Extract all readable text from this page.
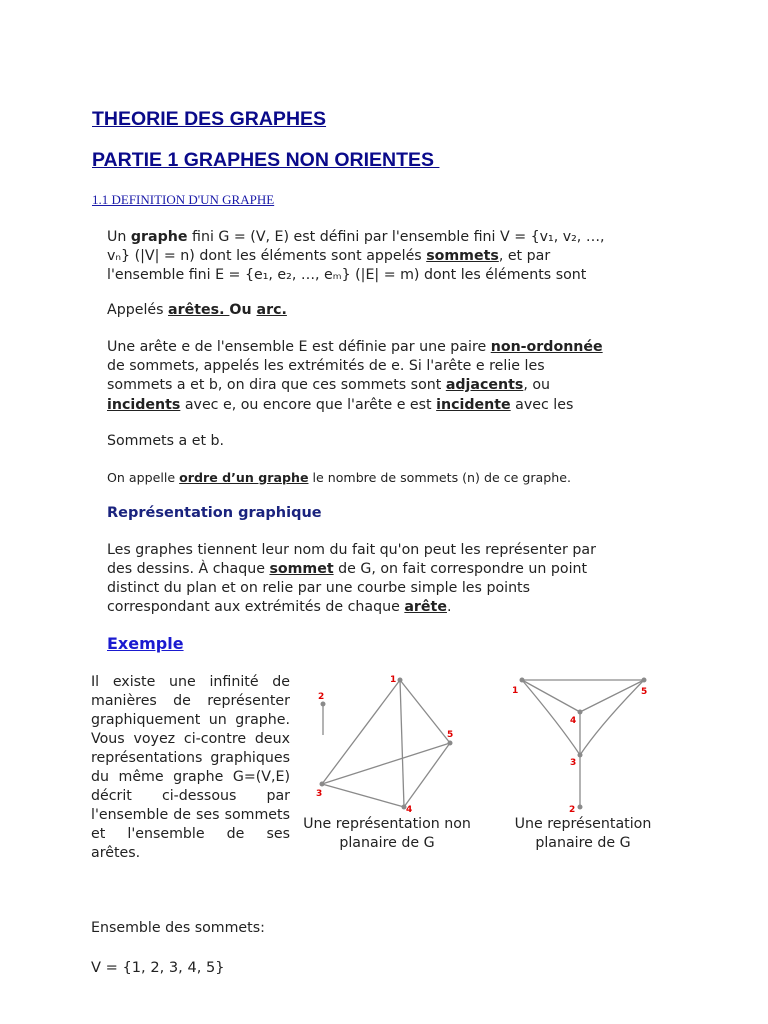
THEORIE DES GRAPHES
PARTIE 1 GRAPHES NON ORIENTES
1.1 DEFINITION D'UN GRAPHE

Un graphe fini G = (V, E) est défini par l'ensemble fini V = {v₁, v₂, …,

vₙ} (|V| = n) dont les éléments sont appelés sommets, et par

l'ensemble fini E = {e₁, e₂, …, eₘ} (|E| = m) dont les éléments sont

Appelés arêtes. Ou arc.

Une arête e de l'ensemble E est définie par une paire non-ordonnée

de sommets, appelés les extrémités de e. Si l'arête e relie les

sommets a et b, on dira que ces sommets sont adjacents, ou

incidents avec e, ou encore que l'arête e est incidente avec les

Sommets a et b.

On appelle ordre d’un graphe le nombre de sommets (n) de ce graphe.

Représentation graphique

Les graphes tiennent leur nom du fait qu'on peut les représenter par

des dessins. À chaque sommet de G, on fait correspondre un point

distinct du plan et on relie par une courbe simple les points

correspondant aux extrémités de chaque arête.

Exemple

Il existe une infinité de manières de représenter graphiquement un graphe. Vous voyez ci-contre deux représentations graphiques du même graphe G=(V,E) décrit ci-dessous par l'ensemble de ses sommets et l'ensemble de ses arêtes.

1
2
3
4
5
Une représentation non
planaire de G
1	5
4
3
2
Une représentation
planaire de G

Ensemble des sommets:

V = {1, 2, 3, 4, 5}
